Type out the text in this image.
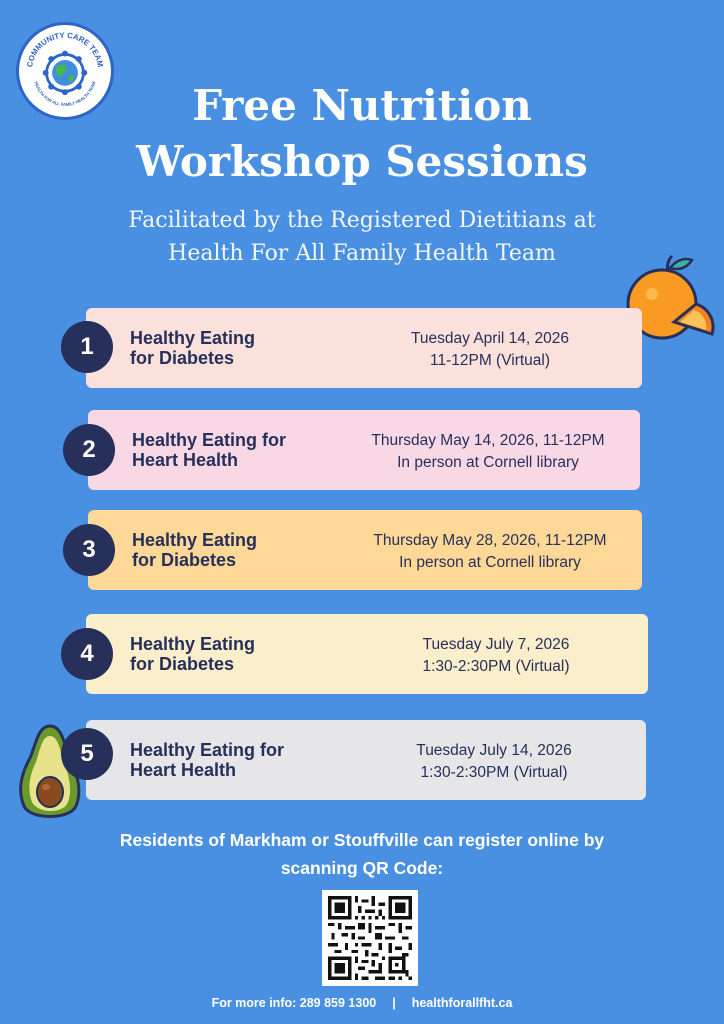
COMMUNITY CARE TEAM
HEALTH FOR ALL FAMILY HEALTH TEAM	Free Nutrition
Workshop Sessions
Facilitated by the Registered Dietitians at
Health For All Family Health Team
Healthy Eating
for Diabetes
Tuesday April 14, 2026
11-12PM (Virtual)
1
Healthy Eating for
Heart Health
Thursday May 14, 2026, 11-12PM
In person at Cornell library
2
Healthy Eating
for Diabetes
Thursday May 28, 2026, 11-12PM
In person at Cornell library
3
Healthy Eating
for Diabetes
Tuesday July 7, 2026
1:30-2:30PM (Virtual)
4
Healthy Eating for
Heart Health
Tuesday July 14, 2026
1:30-2:30PM (Virtual)
5
Residents of Markham or Stouffville can register online by
scanning QR Code:
For more info: 289 859 1300 | healthforallfht.ca
